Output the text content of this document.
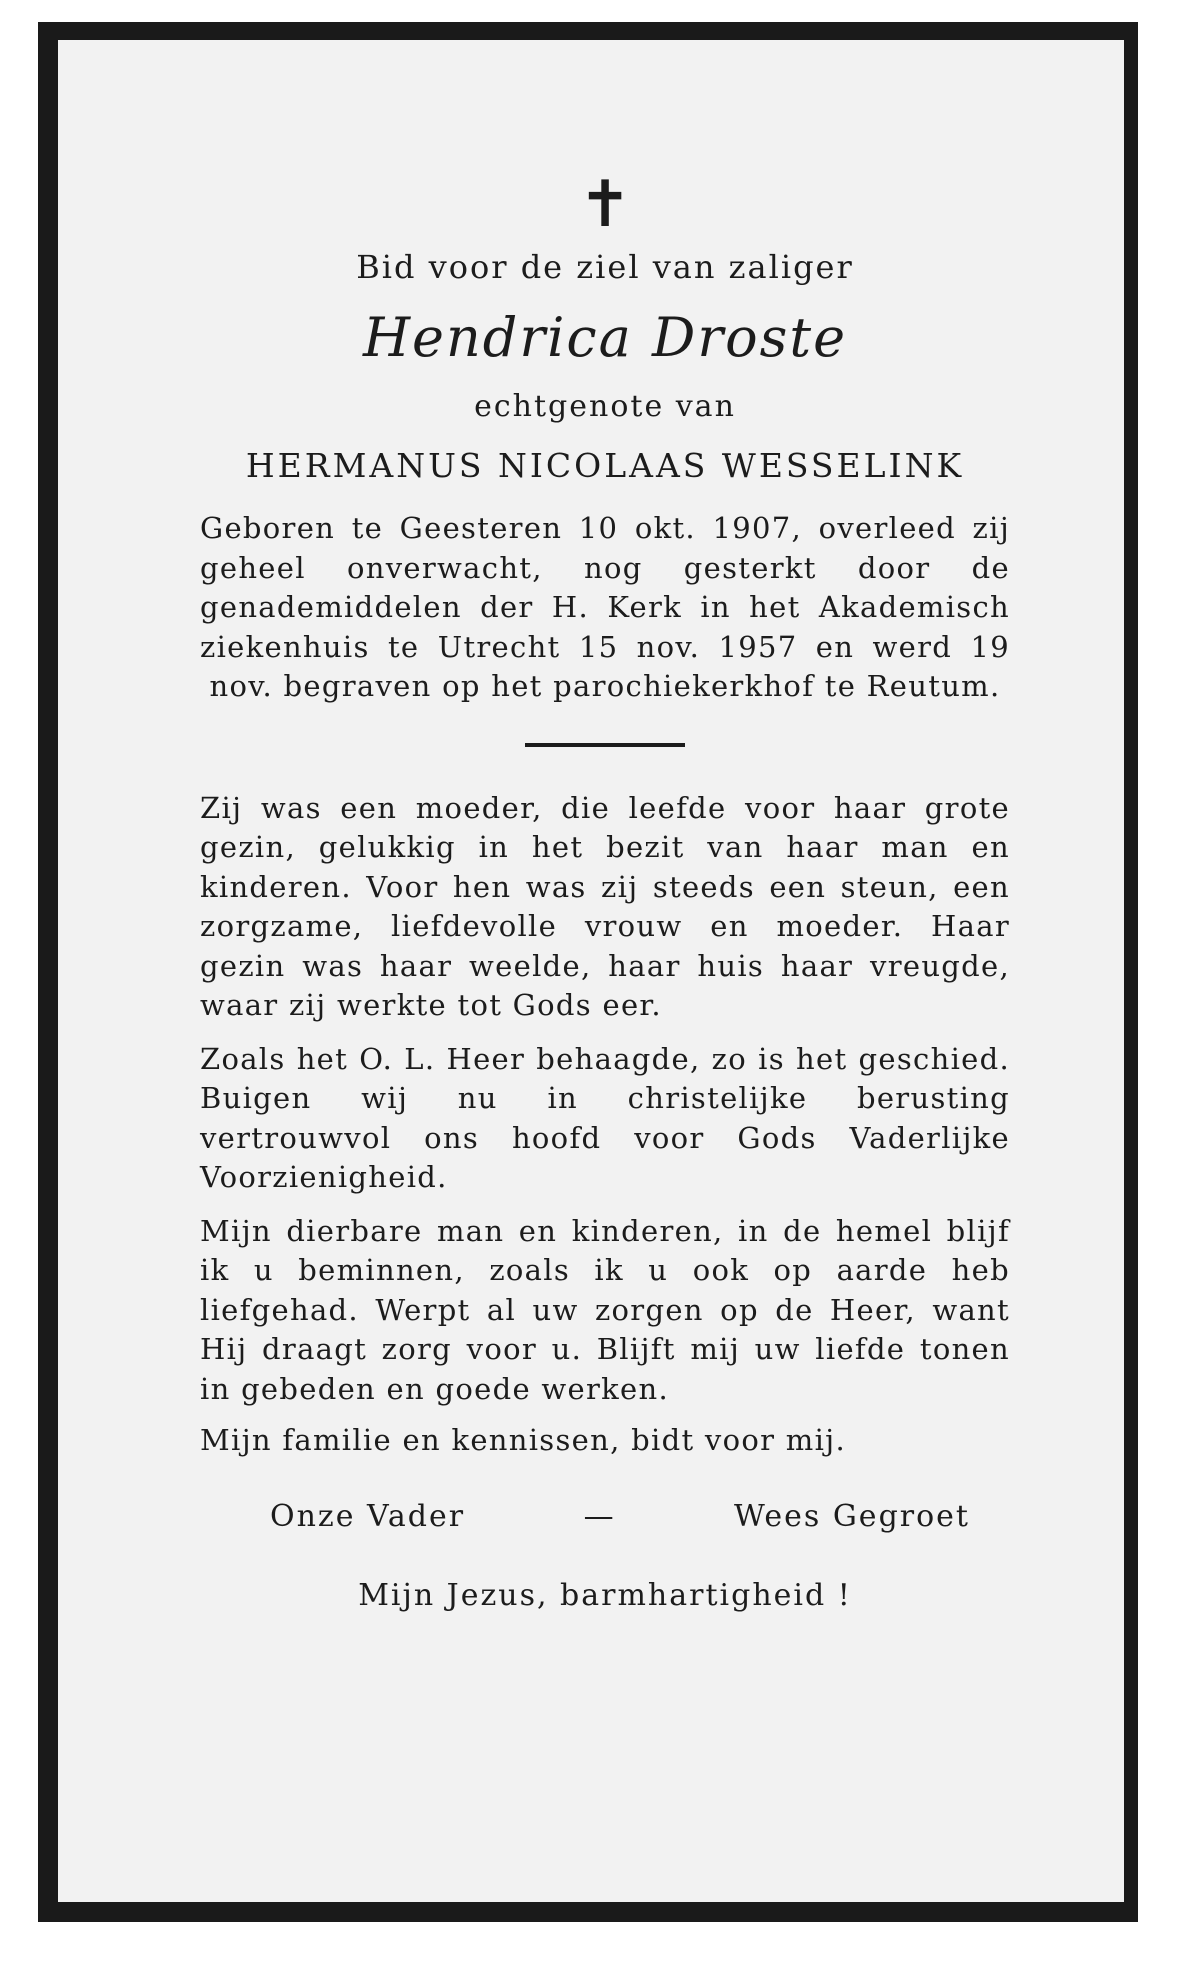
✝
Bid voor de ziel van zaliger
Hendrica Droste
echtgenote van
HERMANUS NICOLAAS WESSELINK

Geboren te Geesteren 10 okt. 1907, overleed zij geheel onverwacht, nog gesterkt door de genademiddelen der H. Kerk in het Akademisch ziekenhuis te Utrecht 15 nov. 1957 en werd 19 nov. begraven op het parochiekerkhof te Reutum.

Zij was een moeder, die leefde voor haar grote gezin, gelukkig in het bezit van haar man en kinderen. Voor hen was zij steeds een steun, een zorgzame, liefdevolle vrouw en moeder. Haar gezin was haar weelde, haar huis haar vreugde, waar zij werkte tot Gods eer.

Zoals het O. L. Heer behaagde, zo is het geschied. Buigen wij nu in christelijke berusting vertrouwvol ons hoofd voor Gods Vaderlijke Voorzienigheid.

Mijn dierbare man en kinderen, in de hemel blijf ik u beminnen, zoals ik u ook op aarde heb liefgehad. Werpt al uw zorgen op de Heer, want Hij draagt zorg voor u. Blijft mij uw liefde tonen in gebeden en goede werken.

Mijn familie en kennissen, bidt voor mij.
Onze Vader	—	Wees Gegroet
Mijn Jezus, barmhartigheid !
